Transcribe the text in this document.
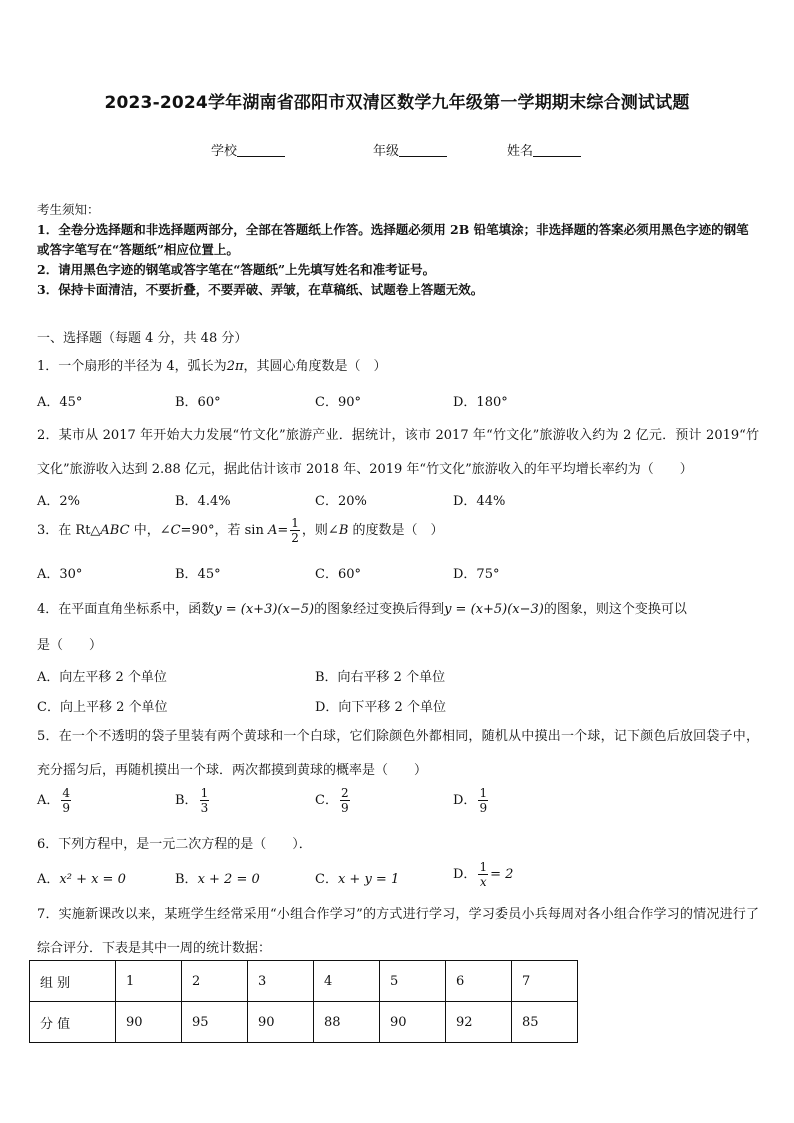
2023-2024学年湖南省邵阳市双清区数学九年级第一学期期末综合测试试题
学校	年级	姓名
考生须知：
1．全卷分选择题和非选择题两部分，全部在答题纸上作答。选择题必须用 2B 铅笔填涂；非选择题的答案必须用黑色字迹的钢笔或答字笔写在“答题纸”相应位置上。
2．请用黑色字迹的钢笔或答字笔在“答题纸”上先填写姓名和准考证号。
3．保持卡面清洁，不要折叠，不要弄破、弄皱，在草稿纸、试题卷上答题无效。
一、选择题（每题 4 分，共 48 分）
1．一个扇形的半径为 4，弧长为2π，其圆心角度数是（　）
A．45°	B．60°	C．90°	D．180°
2．某市从 2017 年开始大力发展“竹文化”旅游产业．据统计，该市 2017 年“竹文化”旅游收入约为 2 亿元．预计 2019“竹文化”旅游收入达到 2.88 亿元，据此估计该市 2018 年、2019 年“竹文化”旅游收入的年平均增长率约为（　　）
A．2%	B．4.4%	C．20%	D．44%
3．在 Rt△ABC 中，∠C=90°，若 $\sin A= \frac{1}{2}$ ，则∠B 的度数是（　）
A．30°	B．45°	C．60°	D．75°
4．在平面直角坐标系中，函数y = (x+3)(x−5)的图象经过变换后得到y = (x+5)(x−3)的图象，则这个变换可以
是（　　）
A．向左平移 2 个单位	B．向右平移 2 个单位
C．向上平移 2 个单位	D．向下平移 2 个单位
5．在一个不透明的袋子里装有两个黄球和一个白球，它们除颜色外都相同，随机从中摸出一个球，记下颜色后放回袋子中，充分摇匀后，再随机摸出一个球．两次都摸到黄球的概率是（　　）
A． $\frac{4}{9}$	B． $\frac{1}{3}$	C． $\frac{2}{9}$	D． $\frac{1}{9}$
6．下列方程中，是一元二次方程的是（　　）．
A．x² + x = 0	B．x + 2 = 0	C．x + y = 1	D． $\frac{1}{x} = 2$
7．实施新课改以来，某班学生经常采用“小组合作学习”的方式进行学习，学习委员小兵每周对各小组合作学习的情况进行了综合评分．下表是其中一周的统计数据：
组 别	1	2	3	4	5	6	7
分 值	90	95	90	88	90	92	85
